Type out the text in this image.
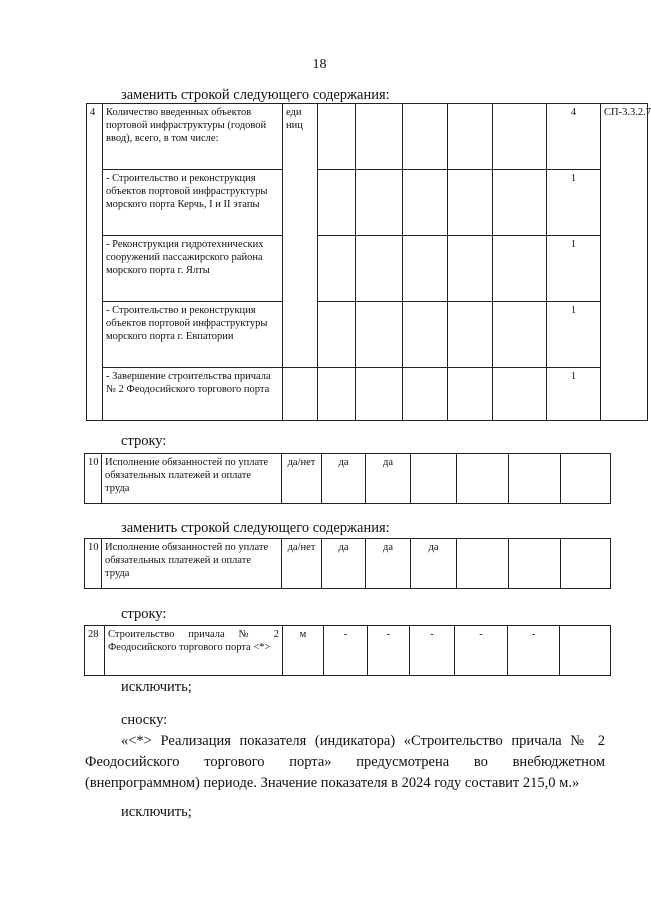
18
заменить строкой следующего содержания:
4	Количество введенных объектов портовой инфраструктуры (годовой ввод), всего, в том числе:	еди ниц						4	СП-3.3.2.7
	- Строительство и реконструкция объектов портовой инфраструктуры морского порта Керчь, I и II этапы							1	
	- Реконструкция гидротехнических сооружений пассажирского района морского порта г. Ялты							1	
	- Строительство и реконструкция объектов портовой инфраструктуры морского порта г. Евпатории							1	
	- Завершение строительства причала № 2 Феодосийского торгового порта							1	
строку:
10	Исполнение обязанностей по уплате обязательных платежей и оплате труда	да/нет	да	да				
заменить строкой следующего содержания:
10	Исполнение обязанностей по уплате обязательных платежей и оплате труда	да/нет	да	да	да			
строку:
28	Строительство причала № 2 Феодосийского торгового порта <*>	м	-	-	-	-	-	
исключить;
сноску:
«<*> Реализация показателя (индикатора) «Строительство причала № 2 Феодосийского торгового порта» предусмотрена во внебюджетном (внепрограммном) периоде. Значение показателя в 2024 году составит 215,0 м.»
исключить;
